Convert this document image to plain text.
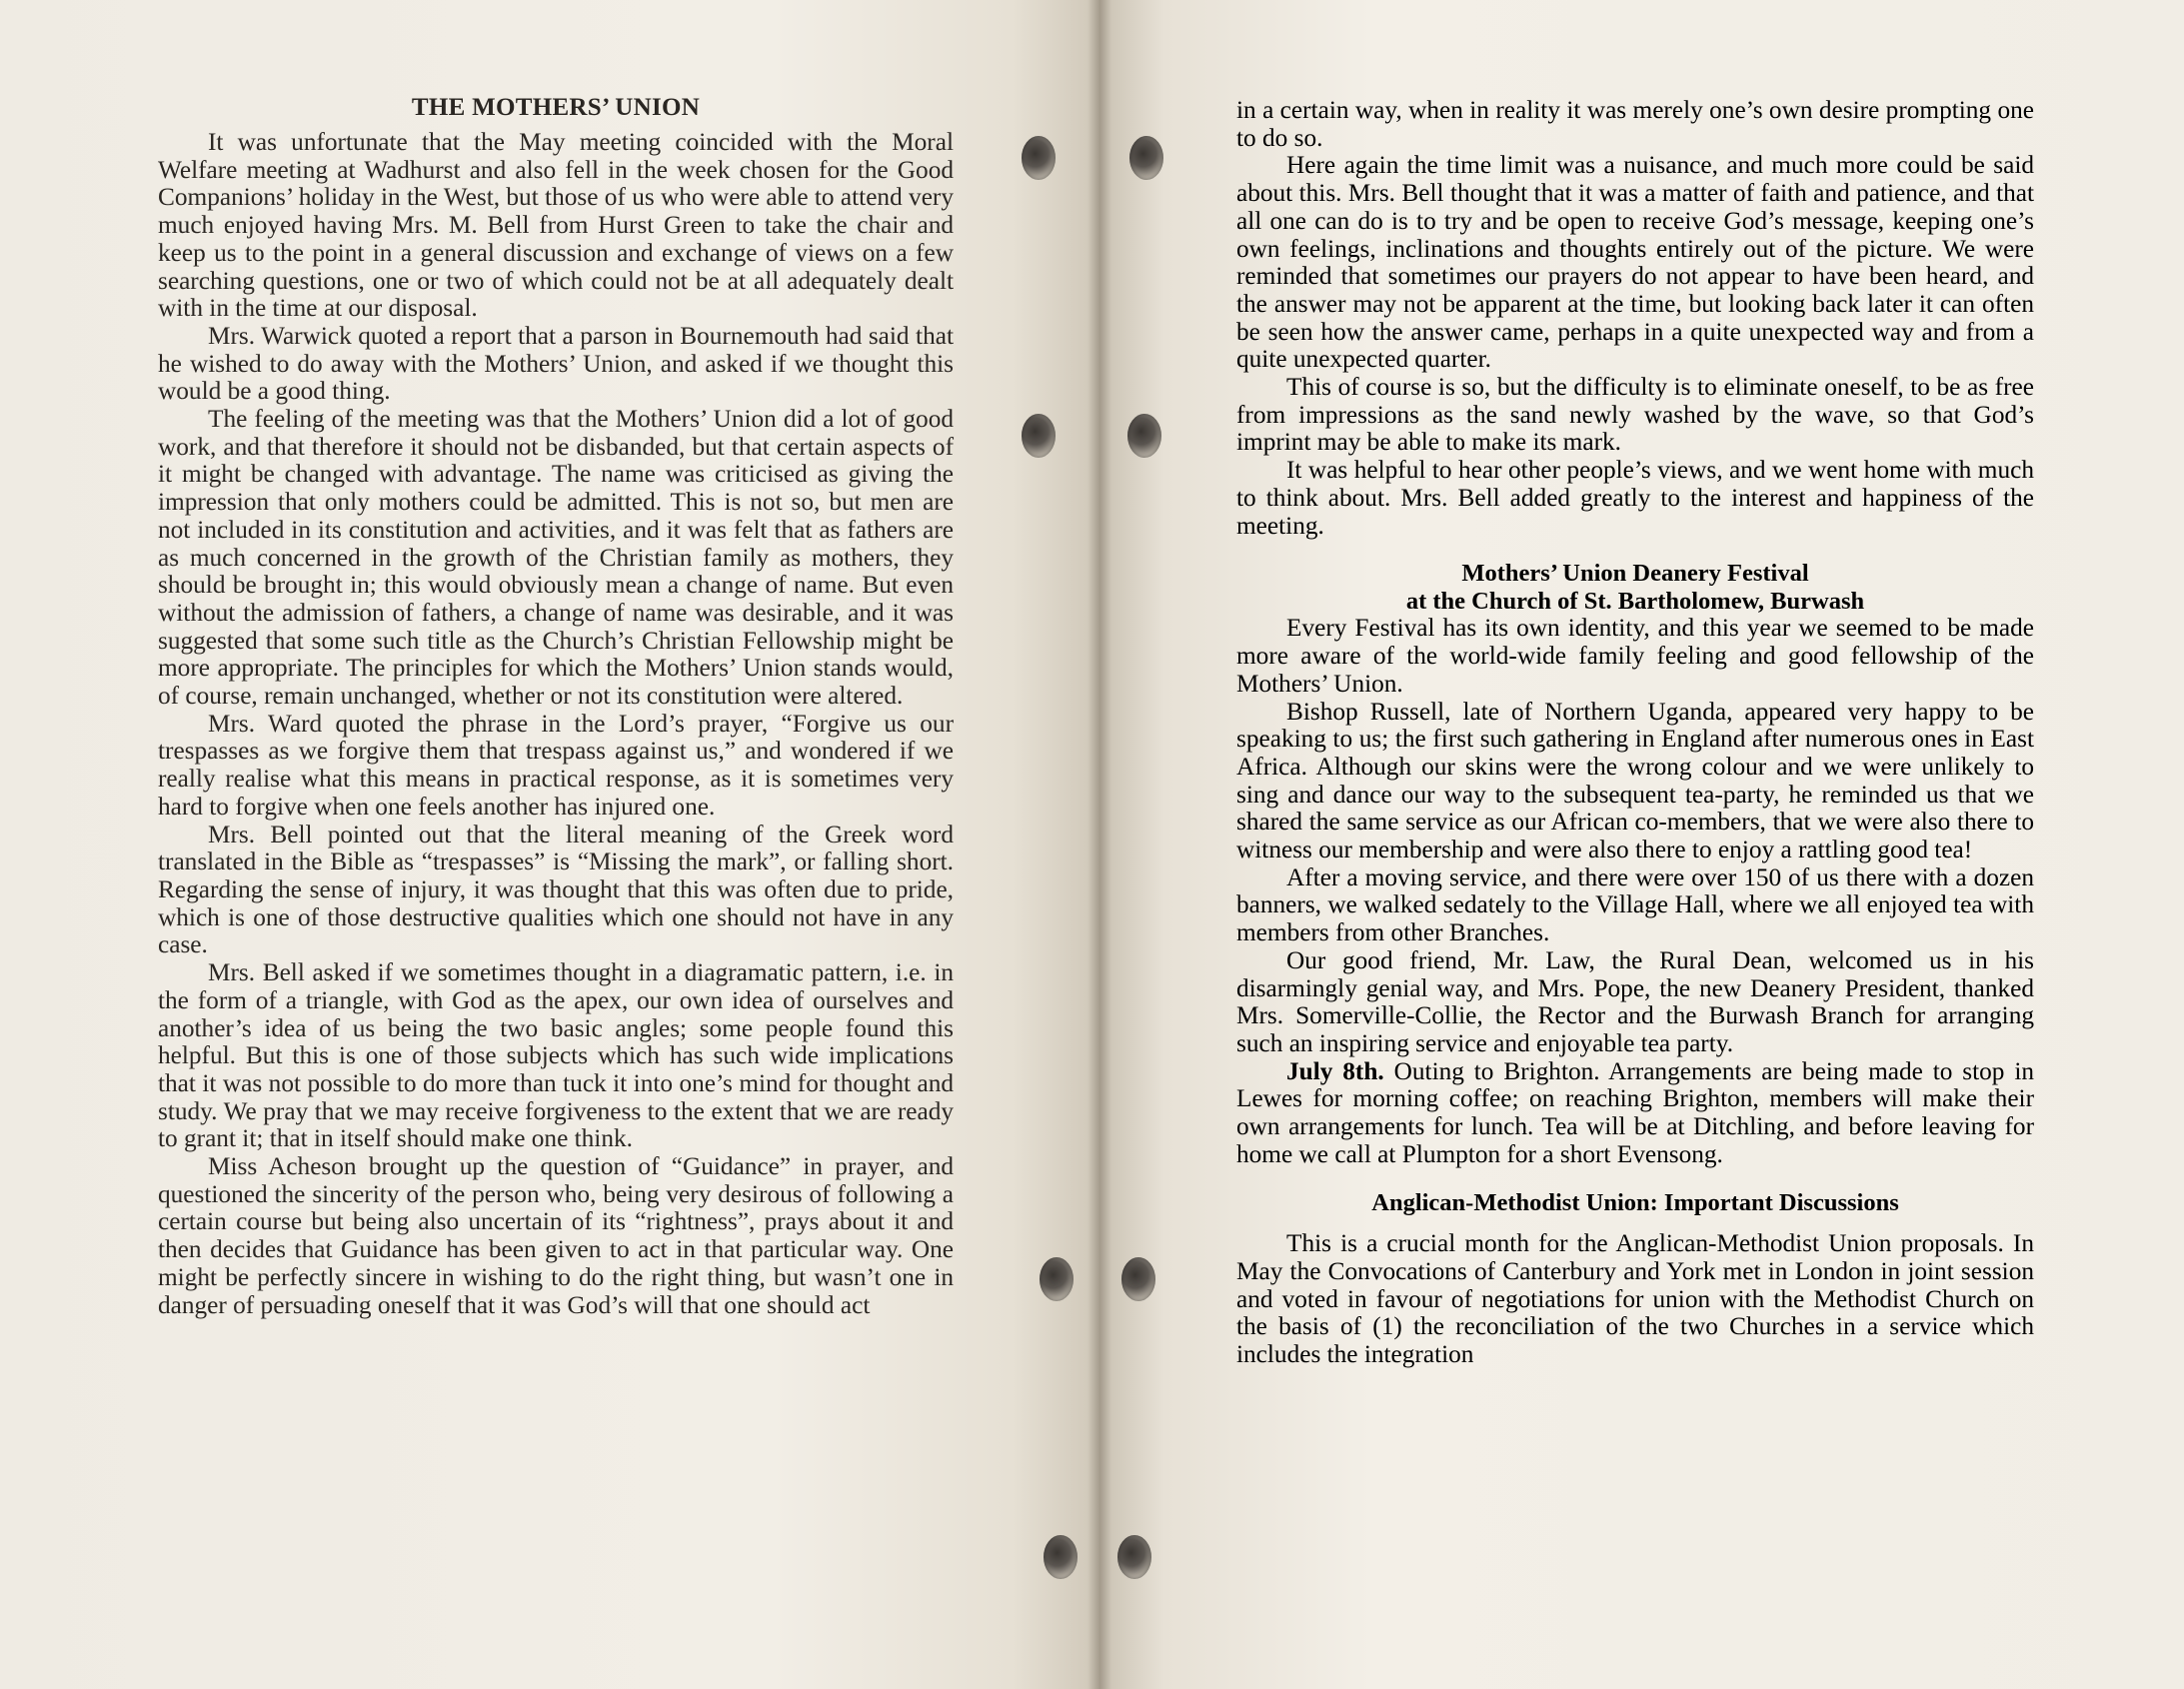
THE MOTHERS’ UNION

It was unfortunate that the May meeting coincided with the Moral Welfare meeting at Wadhurst and also fell in the week chosen for the Good Companions’ holiday in the West, but those of us who were able to attend very much enjoyed having Mrs. M. Bell from Hurst Green to take the chair and keep us to the point in a general discussion and exchange of views on a few searching questions, one or two of which could not be at all adequately dealt with in the time at our disposal.

Mrs. Warwick quoted a report that a parson in Bournemouth had said that he wished to do away with the Mothers’ Union, and asked if we thought this would be a good thing.

The feeling of the meeting was that the Mothers’ Union did a lot of good work, and that therefore it should not be disbanded, but that certain aspects of it might be changed with advantage. The name was criticised as giving the impression that only mothers could be admitted. This is not so, but men are not included in its constitution and activities, and it was felt that as fathers are as much concerned in the growth of the Christian family as mothers, they should be brought in; this would obviously mean a change of name. But even without the admission of fathers, a change of name was desirable, and it was suggested that some such title as the Church’s Christian Fellowship might be more appropriate. The principles for which the Mothers’ Union stands would, of course, remain unchanged, whether or not its constitution were altered.

Mrs. Ward quoted the phrase in the Lord’s prayer, “Forgive us our trespasses as we forgive them that trespass against us,” and wondered if we really realise what this means in practical response, as it is sometimes very hard to forgive when one feels another has injured one.

Mrs. Bell pointed out that the literal meaning of the Greek word translated in the Bible as “trespasses” is “Missing the mark”, or falling short. Regarding the sense of injury, it was thought that this was often due to pride, which is one of those destructive qualities which one should not have in any case.

Mrs. Bell asked if we sometimes thought in a diagramatic pattern, i.e. in the form of a triangle, with God as the apex, our own idea of ourselves and another’s idea of us being the two basic angles; some people found this helpful. But this is one of those subjects which has such wide implications that it was not possible to do more than tuck it into one’s mind for thought and study. We pray that we may receive forgiveness to the extent that we are ready to grant it; that in itself should make one think.

Miss Acheson brought up the question of “Guidance” in prayer, and questioned the sincerity of the person who, being very desirous of following a certain course but being also uncertain of its “rightness”, prays about it and then decides that Guidance has been given to act in that particular way. One might be perfectly sincere in wishing to do the right thing, but wasn’t one in danger of persuading oneself that it was God’s will that one should act

in a certain way, when in reality it was merely one’s own desire prompting one to do so.

Here again the time limit was a nuisance, and much more could be said about this. Mrs. Bell thought that it was a matter of faith and patience, and that all one can do is to try and be open to receive God’s message, keeping one’s own feelings, inclinations and thoughts entirely out of the picture. We were reminded that sometimes our prayers do not appear to have been heard, and the answer may not be apparent at the time, but looking back later it can often be seen how the answer came, perhaps in a quite unexpected way and from a quite unexpected quarter.

This of course is so, but the difficulty is to eliminate oneself, to be as free from impressions as the sand newly washed by the wave, so that God’s imprint may be able to make its mark.

It was helpful to hear other people’s views, and we went home with much to think about. Mrs. Bell added greatly to the interest and happiness of the meeting.

Mothers’ Union Deanery Festival
at the Church of St. Bartholomew, Burwash

Every Festival has its own identity, and this year we seemed to be made more aware of the world-wide family feeling and good fellowship of the Mothers’ Union.

Bishop Russell, late of Northern Uganda, appeared very happy to be speaking to us; the first such gathering in England after numerous ones in East Africa. Although our skins were the wrong colour and we were unlikely to sing and dance our way to the subsequent tea-party, he reminded us that we shared the same service as our African co-members, that we were also there to witness our membership and were also there to enjoy a rattling good tea!

After a moving service, and there were over 150 of us there with a dozen banners, we walked sedately to the Village Hall, where we all enjoyed tea with members from other Branches.

Our good friend, Mr. Law, the Rural Dean, welcomed us in his disarmingly genial way, and Mrs. Pope, the new Deanery President, thanked Mrs. Somerville-Collie, the Rector and the Burwash Branch for arranging such an inspiring service and enjoyable tea party.

July 8th. Outing to Brighton. Arrangements are being made to stop in Lewes for morning coffee; on reaching Brighton, members will make their own arrangements for lunch. Tea will be at Ditchling, and before leaving for home we call at Plumpton for a short Evensong.

Anglican-Methodist Union: Important Discussions

This is a crucial month for the Anglican-Methodist Union proposals. In May the Convocations of Canterbury and York met in London in joint session and voted in favour of negotiations for union with the Methodist Church on the basis of (1) the reconciliation of the two Churches in a service which includes the integration
